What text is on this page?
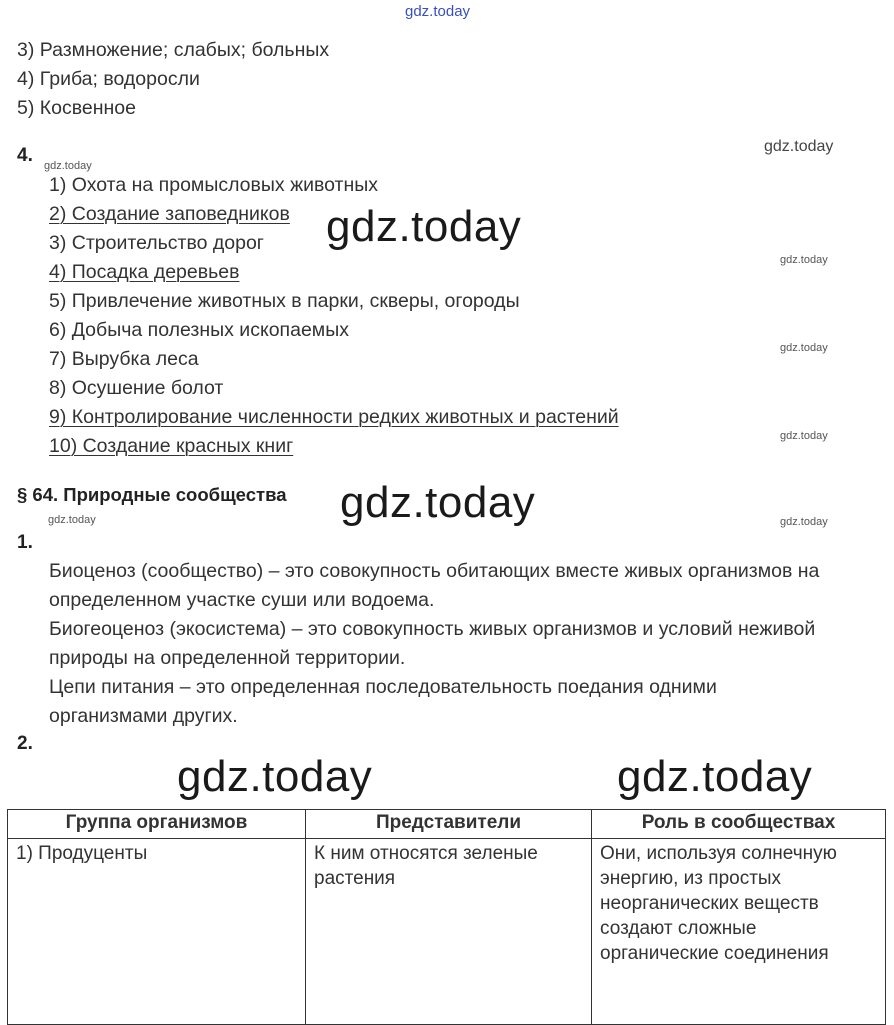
gdz.today
3) Размножение; слабых; больных
4) Гриба; водоросли
5) Косвенное
4. gdz.today
gdz.today
1) Охота на промысловых животных
2) Создание заповедников
3) Строительство дорог
4) Посадка деревьев
5) Привлечение животных в парки, скверы, огороды
6) Добыча полезных ископаемых
7) Вырубка леса
8) Осушение болот
9) Контролирование численности редких животных и растений
10) Создание красных книг
gdz.today
gdz.today
gdz.today
gdz.today
§ 64. Природные сообщества gdz.today
gdz.today	gdz.today
1.
Биоценоз (сообщество) – это совокупность обитающих вместе живых организмов на определенном участке суши или водоема.
Биогеоценоз (экосистема) – это совокупность живых организмов и условий неживой природы на определенной территории.
Цепи питания – это определенная последовательность поедания одними организмами других.
2.
gdz.today	gdz.today
Группа организмов	Представители	Роль в сообществах
1) Продуценты	К ним относятся зеленые растения	Они, используя солнечную энергию, из простых неорганических веществ создают сложные органические соединения
